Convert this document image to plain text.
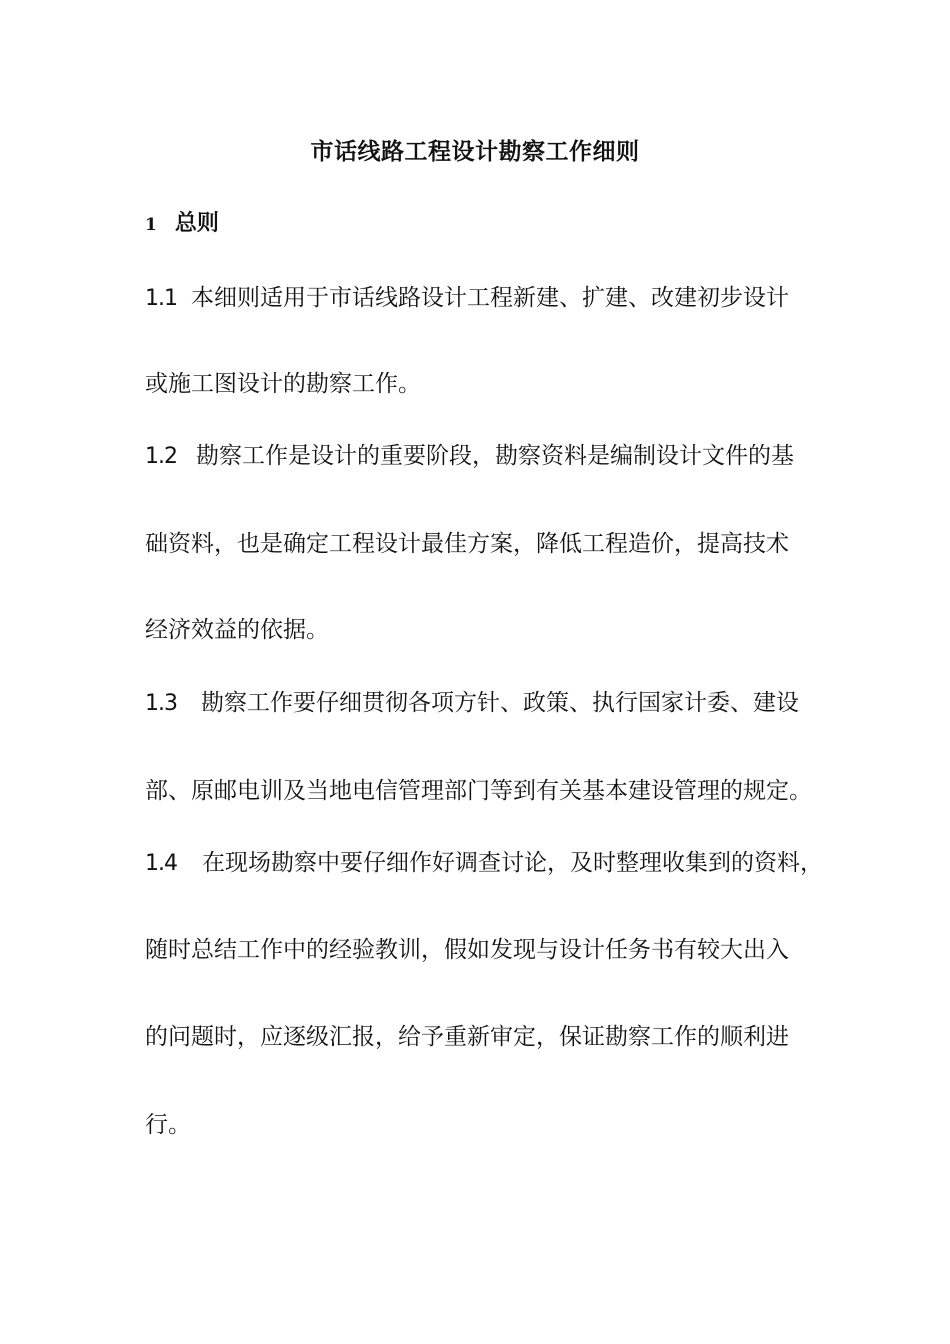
市话线路工程设计勘察工作细则
1 总则
1.1 本细则适用于市话线路设计工程新建、扩建、改建初步设计
或施工图设计的勘察工作。
1.2 勘察工作是设计的重要阶段，勘察资料是编制设计文件的基
础资料，也是确定工程设计最佳方案，降低工程造价，提高技术
经济效益的依据。
1.3 勘察工作要仔细贯彻各项方针、政策、执行国家计委、建设
部、原邮电训及当地电信管理部门等到有关基本建设管理的规定。
1.4 在现场勘察中要仔细作好调查讨论，及时整理收集到的资料，
随时总结工作中的经验教训，假如发现与设计任务书有较大出入
的问题时，应逐级汇报，给予重新审定，保证勘察工作的顺利进
行。
